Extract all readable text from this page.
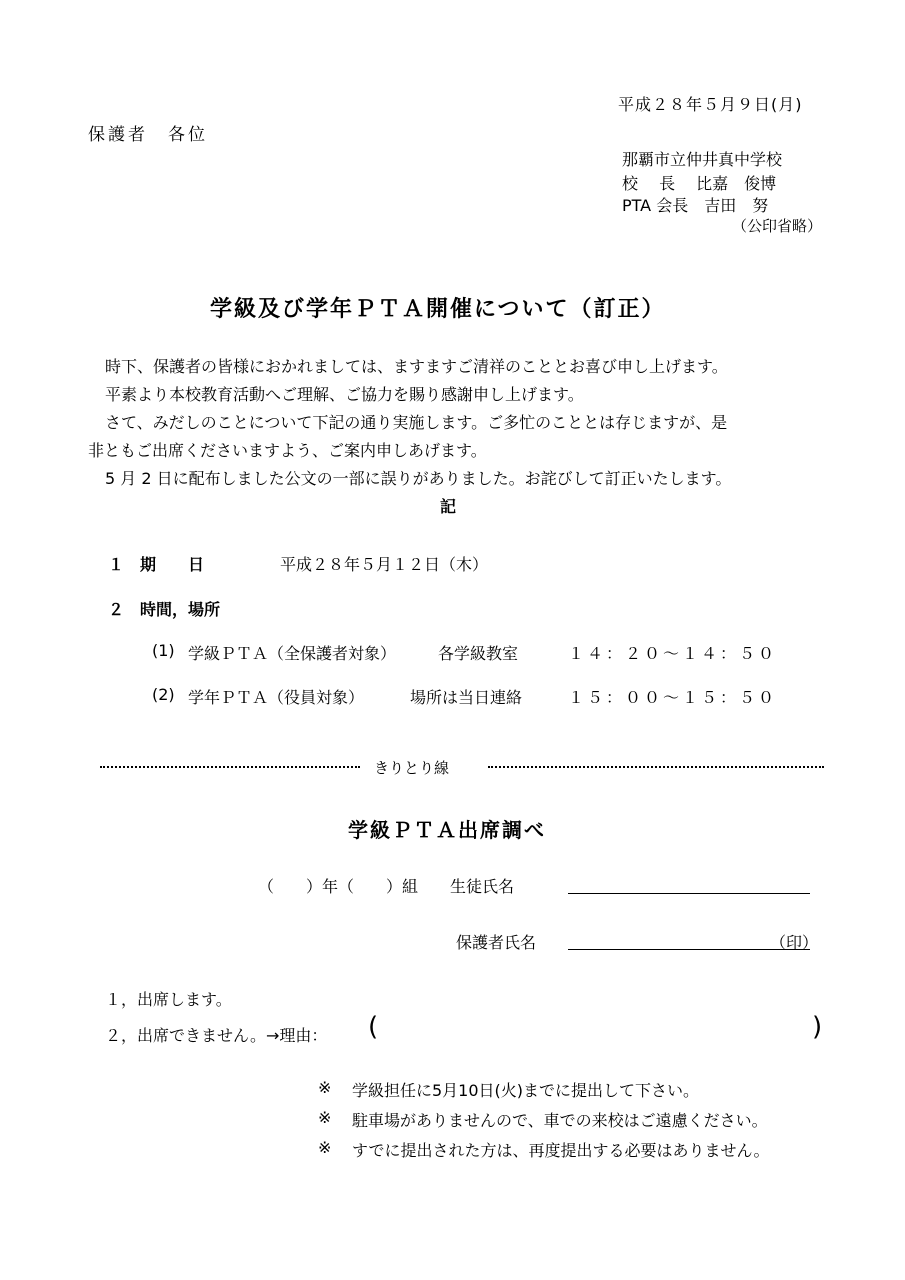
平成２８年５月９日(月)
保護者　各位
那覇市立仲井真中学校
校　 長　 比嘉　俊博
PTA 会長　吉田　努
（公印省略）
学級及び学年ＰＴＡ開催について（訂正）
時下、保護者の皆様におかれましては、ますますご清祥のこととお喜び申し上げます。
平素より本校教育活動へご理解、ご協力を賜り感謝申し上げます。
さて、みだしのことについて下記の通り実施します。ご多忙のこととは存じますが、是
非ともご出席くださいますよう、ご案内申しあげます。
5 月 2 日に配布しました公文の一部に誤りがありました。お詫びして訂正いたします。
記
１　期　　日	平成２８年５月１２日（木）
２　時間，場所
(1) 学級ＰＴＡ（全保護者対象）	各学級教室	１４：２０～１４：５０
(2) 学年ＰＴＡ（役員対象）	場所は当日連絡	１５：００～１５：５０
きりとり線
学級ＰＴＡ出席調べ
（　　）年（　　）組　　生徒氏名
保護者氏名	（印）
１，出席します。
２，出席できません。→理由： (	)
※ 学級担任に5月10日(火)までに提出して下さい。
※ 駐車場がありませんので、車での来校はご遠慮ください。
※ すでに提出された方は、再度提出する必要はありません。
